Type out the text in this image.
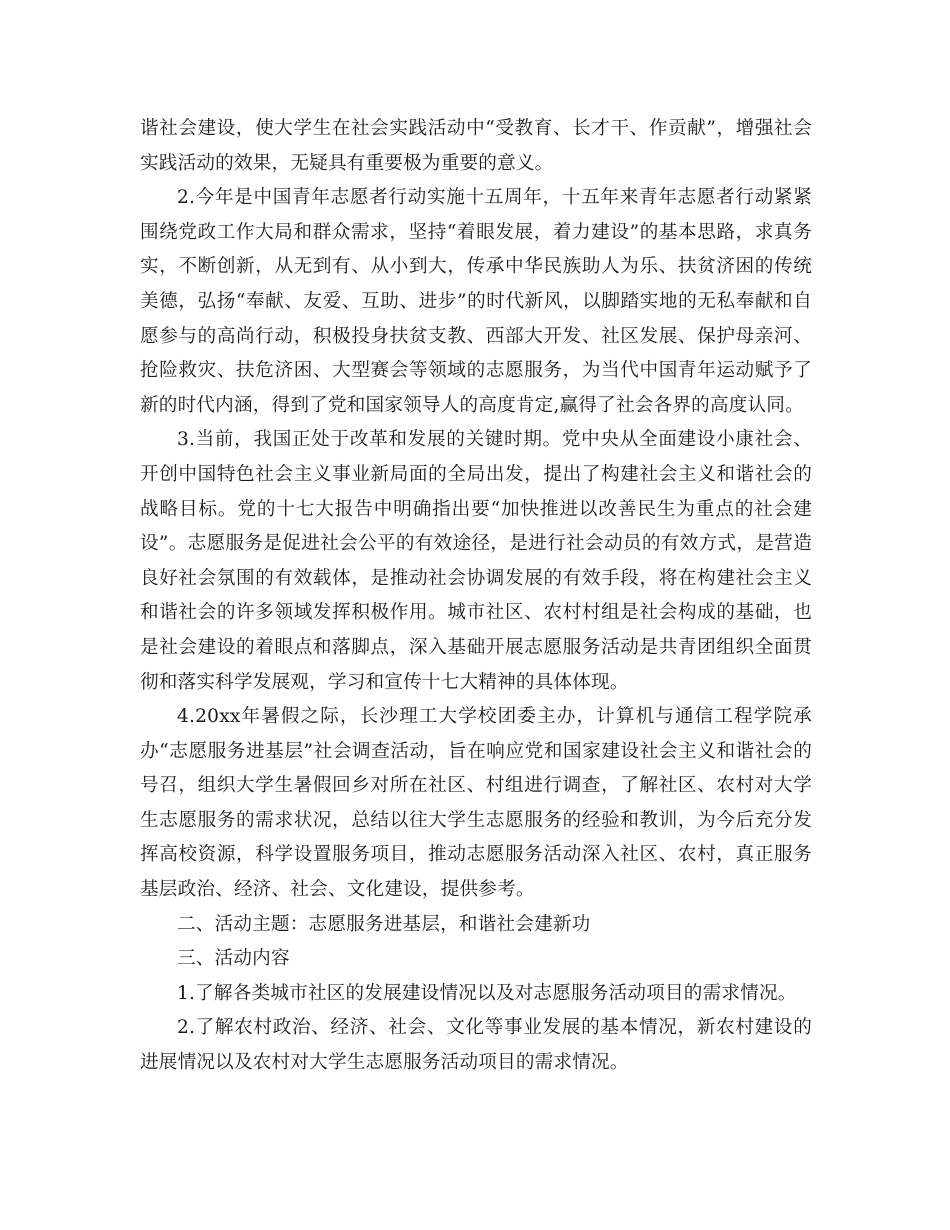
谐社会建设，使大学生在社会实践活动中“受教育、长才干、作贡献”，增强社会实践活动的效果，无疑具有重要极为重要的意义。

2.今年是中国青年志愿者行动实施十五周年，十五年来青年志愿者行动紧紧围绕党政工作大局和群众需求，坚持“着眼发展，着力建设”的基本思路，求真务实，不断创新，从无到有、从小到大，传承中华民族助人为乐、扶贫济困的传统美德，弘扬“奉献、友爱、互助、进步”的时代新风，以脚踏实地的无私奉献和自愿参与的高尚行动，积极投身扶贫支教、西部大开发、社区发展、保护母亲河、抢险救灾、扶危济困、大型赛会等领域的志愿服务，为当代中国青年运动赋予了新的时代内涵，得到了党和国家领导人的高度肯定,赢得了社会各界的高度认同。

3.当前，我国正处于改革和发展的关键时期。党中央从全面建设小康社会、开创中国特色社会主义事业新局面的全局出发，提出了构建社会主义和谐社会的战略目标。党的十七大报告中明确指出要“加快推进以改善民生为重点的社会建设”。志愿服务是促进社会公平的有效途径，是进行社会动员的有效方式，是营造良好社会氛围的有效载体，是推动社会协调发展的有效手段，将在构建社会主义和谐社会的许多领域发挥积极作用。城市社区、农村村组是社会构成的基础，也是社会建设的着眼点和落脚点，深入基础开展志愿服务活动是共青团组织全面贯彻和落实科学发展观，学习和宣传十七大精神的具体体现。

4.20xx年暑假之际，长沙理工大学校团委主办，计算机与通信工程学院承办“志愿服务进基层”社会调查活动，旨在响应党和国家建设社会主义和谐社会的号召，组织大学生暑假回乡对所在社区、村组进行调查，了解社区、农村对大学生志愿服务的需求状况，总结以往大学生志愿服务的经验和教训，为今后充分发挥高校资源，科学设置服务项目，推动志愿服务活动深入社区、农村，真正服务基层政治、经济、社会、文化建设，提供参考。

二、活动主题：志愿服务进基层，和谐社会建新功

三、活动内容

1.了解各类城市社区的发展建设情况以及对志愿服务活动项目的需求情况。

2.了解农村政治、经济、社会、文化等事业发展的基本情况，新农村建设的进展情况以及农村对大学生志愿服务活动项目的需求情况。
